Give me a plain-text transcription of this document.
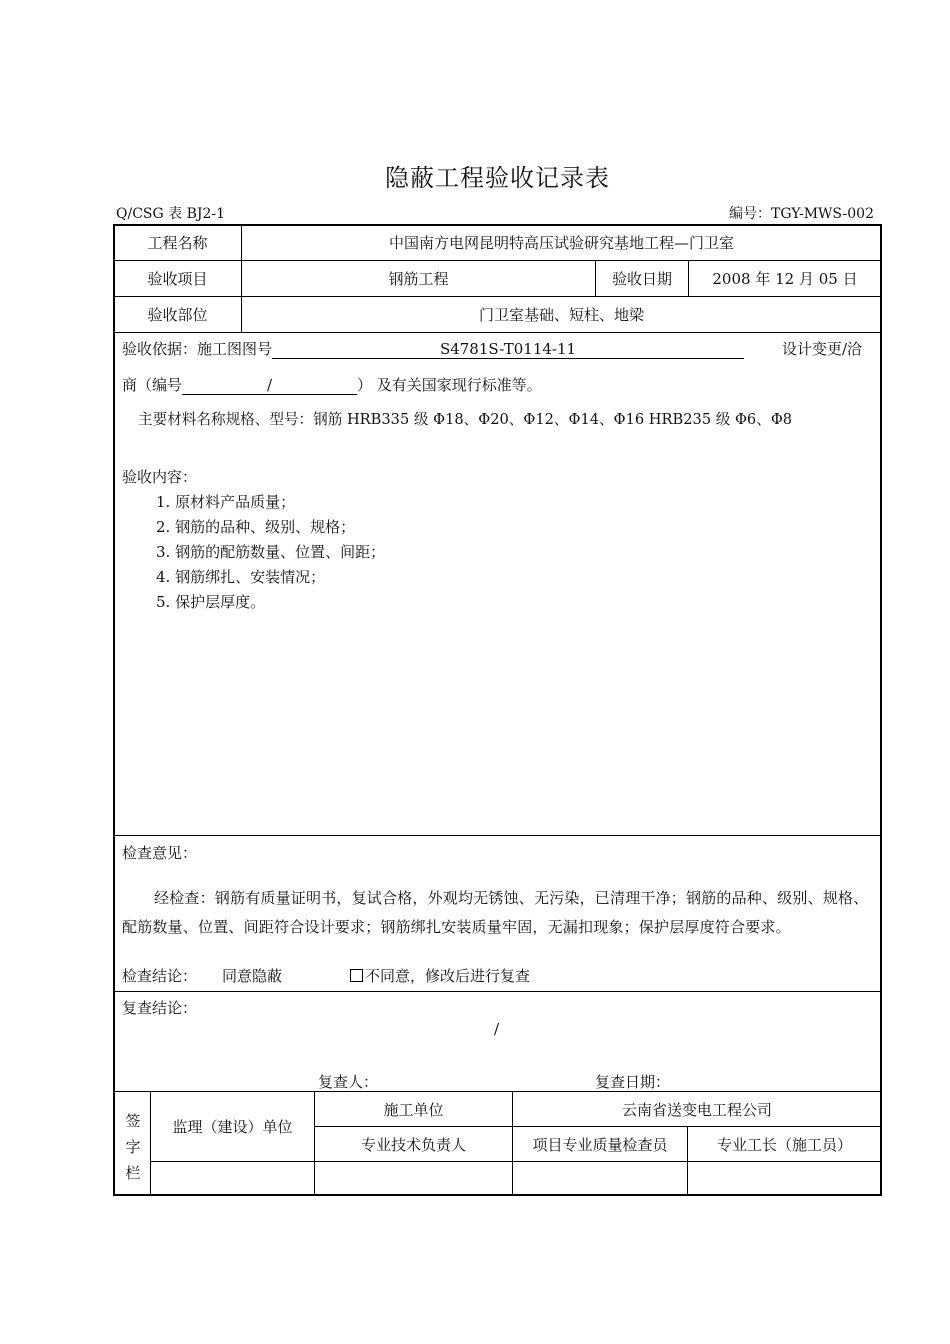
隐蔽工程验收记录表
Q/CSG 表 BJ2-1	编号：TGY-MWS-002
工程名称	中国南方电网昆明特高压试验研究基地工程—门卫室
验收项目	钢筋工程	验收日期	2008 年 12 月 05 日
验收部位	门卫室基础、短柱、地梁
验收依据：施工图图号	S4781S-T0114-11	设计变更/洽
商（编号	/	） 及有关国家现行标准等。
主要材料名称规格、型号：钢筋 HRB335 级 Φ18、Φ20、Φ12、Φ14、Φ16 HRB235 级 Φ6、Φ8
验收内容：
1. 原材料产品质量；
2. 钢筋的品种、级别、规格；
3. 钢筋的配筋数量、位置、间距；
4. 钢筋绑扎、安装情况；
5. 保护层厚度。
检查意见：
经检查：钢筋有质量证明书，复试合格，外观均无锈蚀、无污染，已清理干净；钢筋的品种、级别、规格、配筋数量、位置、间距符合设计要求；钢筋绑扎安装质量牢固，无漏扣现象；保护层厚度符合要求。
检查结论： 同意隐蔽	不同意，修改后进行复查
复查结论：
/
复查人：	复查日期：
签
字
栏
监理（建设）单位
施工单位	云南省送变电工程公司
专业技术负责人	项目专业质量检查员	专业工长（施工员）
